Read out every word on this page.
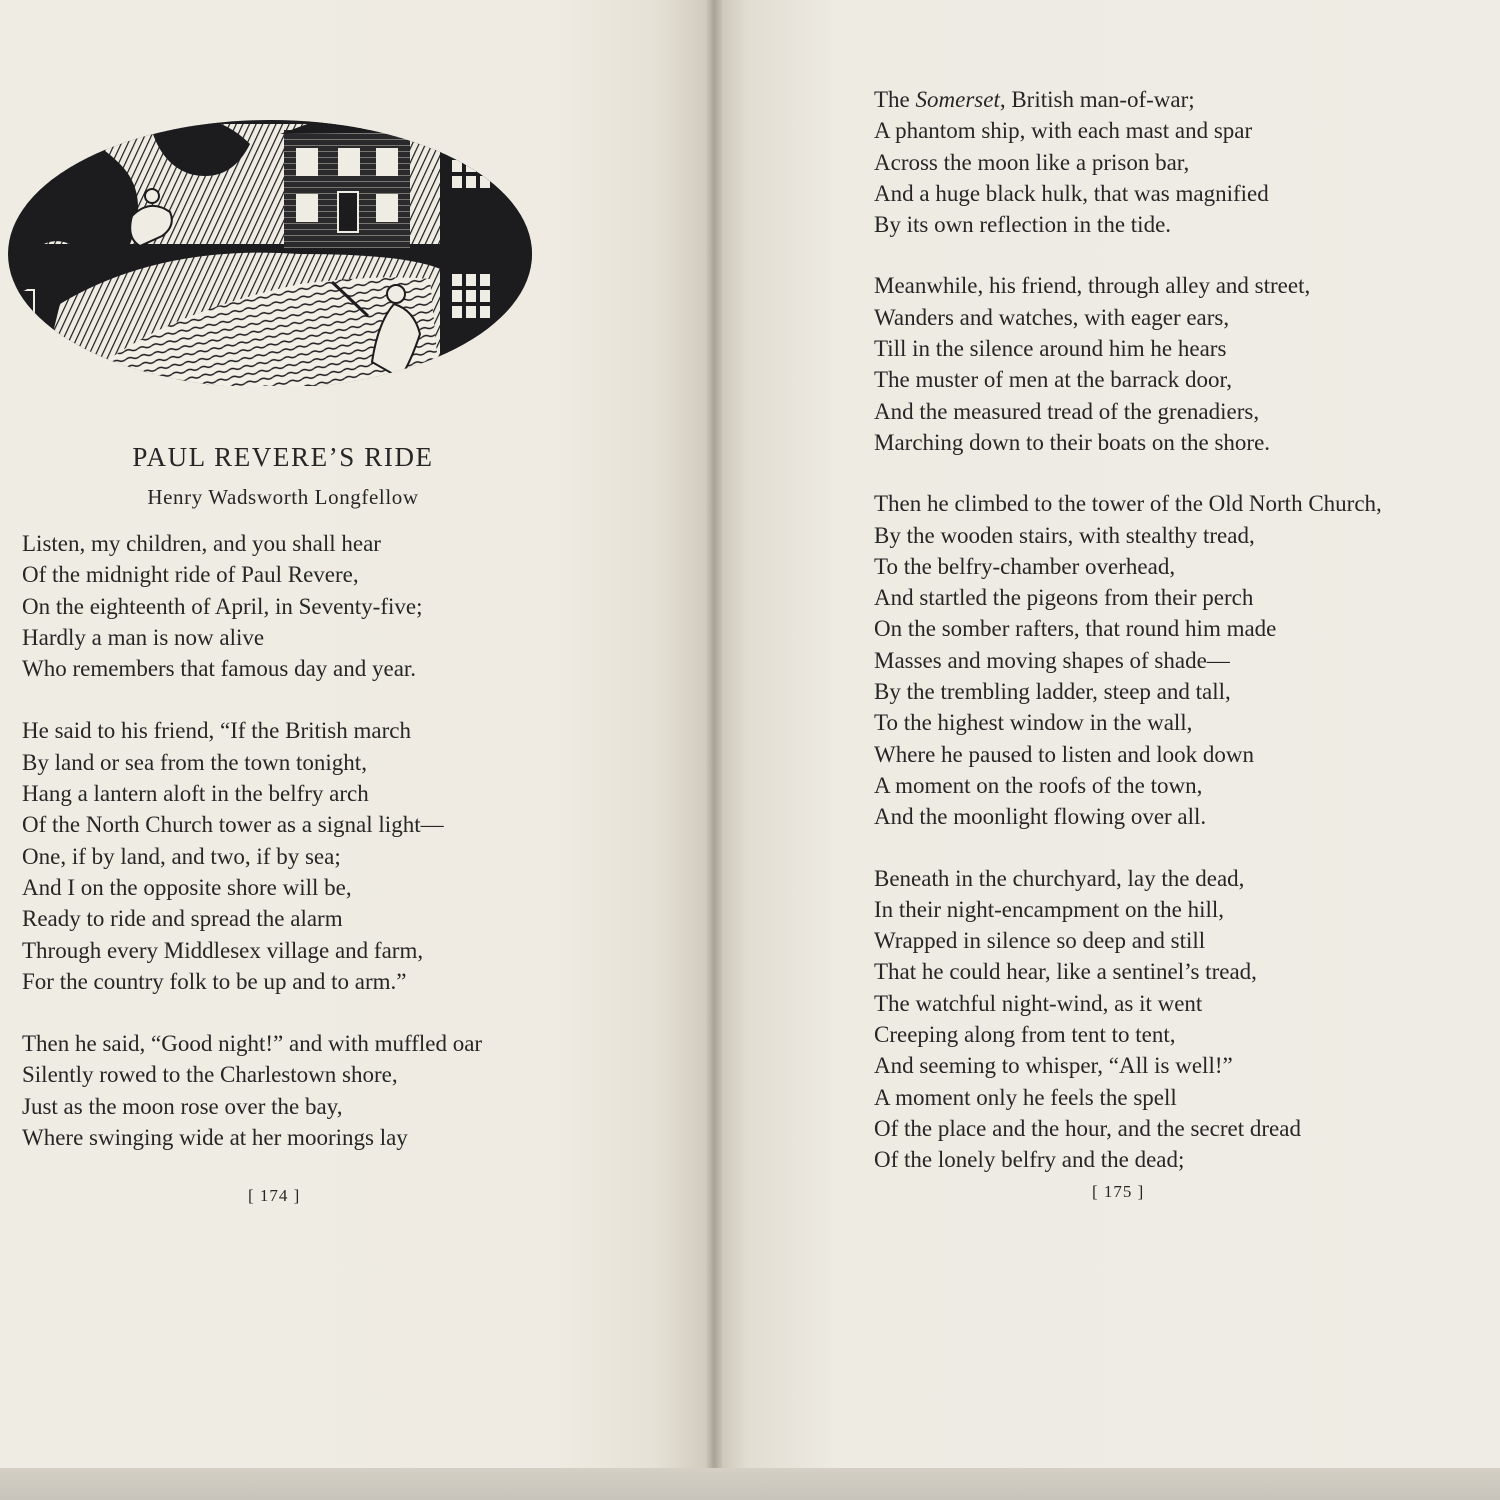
PAUL REVERE’S RIDE

Henry Wadsworth Longfellow

Listen, my children, and you shall hear
Of the midnight ride of Paul Revere,
On the eighteenth of April, in Seventy-five;
Hardly a man is now alive
Who remembers that famous day and year.
He said to his friend, “If the British march
By land or sea from the town tonight,
Hang a lantern aloft in the belfry arch
Of the North Church tower as a signal light—
One, if by land, and two, if by sea;
And I on the opposite shore will be,
Ready to ride and spread the alarm
Through every Middlesex village and farm,
For the country folk to be up and to arm.”
Then he said, “Good night!” and with muffled oar
Silently rowed to the Charlestown shore,
Just as the moon rose over the bay,
Where swinging wide at her moorings lay
[ 174 ]
The Somerset, British man-of-war;
A phantom ship, with each mast and spar
Across the moon like a prison bar,
And a huge black hulk, that was magnified
By its own reflection in the tide.
Meanwhile, his friend, through alley and street,
Wanders and watches, with eager ears,
Till in the silence around him he hears
The muster of men at the barrack door,
And the measured tread of the grenadiers,
Marching down to their boats on the shore.
Then he climbed to the tower of the Old North Church,
By the wooden stairs, with stealthy tread,
To the belfry-chamber overhead,
And startled the pigeons from their perch
On the somber rafters, that round him made
Masses and moving shapes of shade—
By the trembling ladder, steep and tall,
To the highest window in the wall,
Where he paused to listen and look down
A moment on the roofs of the town,
And the moonlight flowing over all.
Beneath in the churchyard, lay the dead,
In their night-encampment on the hill,
Wrapped in silence so deep and still
That he could hear, like a sentinel’s tread,
The watchful night-wind, as it went
Creeping along from tent to tent,
And seeming to whisper, “All is well!”
A moment only he feels the spell
Of the place and the hour, and the secret dread
Of the lonely belfry and the dead;
[ 175 ]
